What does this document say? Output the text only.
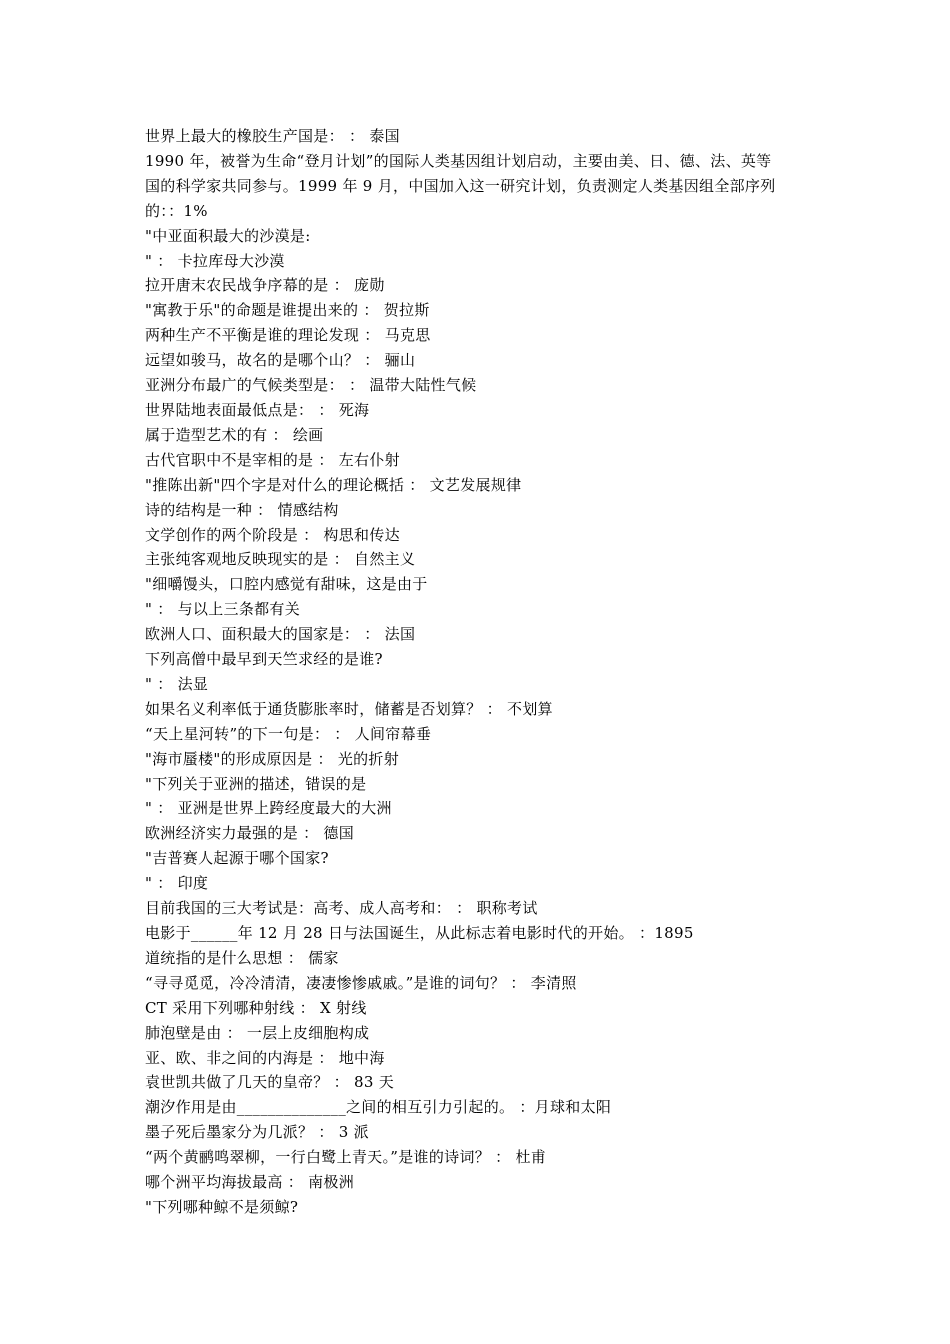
世界上最大的橡胶生产国是： ： 泰国
1990 年，被誉为生命“登月计划”的国际人类基因组计划启动，主要由美、日、德、法、英等
国的科学家共同参与。1999 年 9 月，中国加入这一研究计划，负责测定人类基因组全部序列
的：：1%
"中亚面积最大的沙漠是:
" ： 卡拉库母大沙漠
拉开唐末农民战争序幕的是 ： 庞勋
"寓教于乐"的命题是谁提出来的 ： 贺拉斯
两种生产不平衡是谁的理论发现 ： 马克思
远望如骏马，故名的是哪个山？ ： 骊山
亚洲分布最广的气候类型是： ： 温带大陆性气候
世界陆地表面最低点是： ： 死海
属于造型艺术的有 ： 绘画
古代官职中不是宰相的是 ： 左右仆射
"推陈出新"四个字是对什么的理论概括 ： 文艺发展规律
诗的结构是一种 ： 情感结构
文学创作的两个阶段是 ： 构思和传达
主张纯客观地反映现实的是 ： 自然主义
"细嚼馒头，口腔内感觉有甜味，这是由于
" ： 与以上三条都有关
欧洲人口、面积最大的国家是： ： 法国
下列高僧中最早到天竺求经的是谁?
" ： 法显
如果名义利率低于通货膨胀率时，储蓄是否划算？ ： 不划算
“天上星河转”的下一句是： ： 人间帘幕垂
"海市蜃楼"的形成原因是 ： 光的折射
"下列关于亚洲的描述，错误的是
" ： 亚洲是世界上跨经度最大的大洲
欧洲经济实力最强的是 ： 德国
"吉普赛人起源于哪个国家?
" ： 印度
目前我国的三大考试是：高考、成人高考和： ： 职称考试
电影于______年 12 月 28 日与法国诞生，从此标志着电影时代的开始。 ：1895
道统指的是什么思想 ： 儒家
“寻寻觅觅，冷冷清清，凄凄惨惨戚戚。”是谁的词句？ ： 李清照
CT 采用下列哪种射线 ： X 射线
肺泡壁是由 ： 一层上皮细胞构成
亚、欧、非之间的内海是 ： 地中海
袁世凯共做了几天的皇帝？ ： 83 天
潮汐作用是由______________之间的相互引力引起的。 ：月球和太阳
墨子死后墨家分为几派？ ： 3 派
“两个黄鹂鸣翠柳，一行白鹭上青天。”是谁的诗词？ ： 杜甫
哪个洲平均海拔最高 ： 南极洲
"下列哪种鲸不是须鲸?
